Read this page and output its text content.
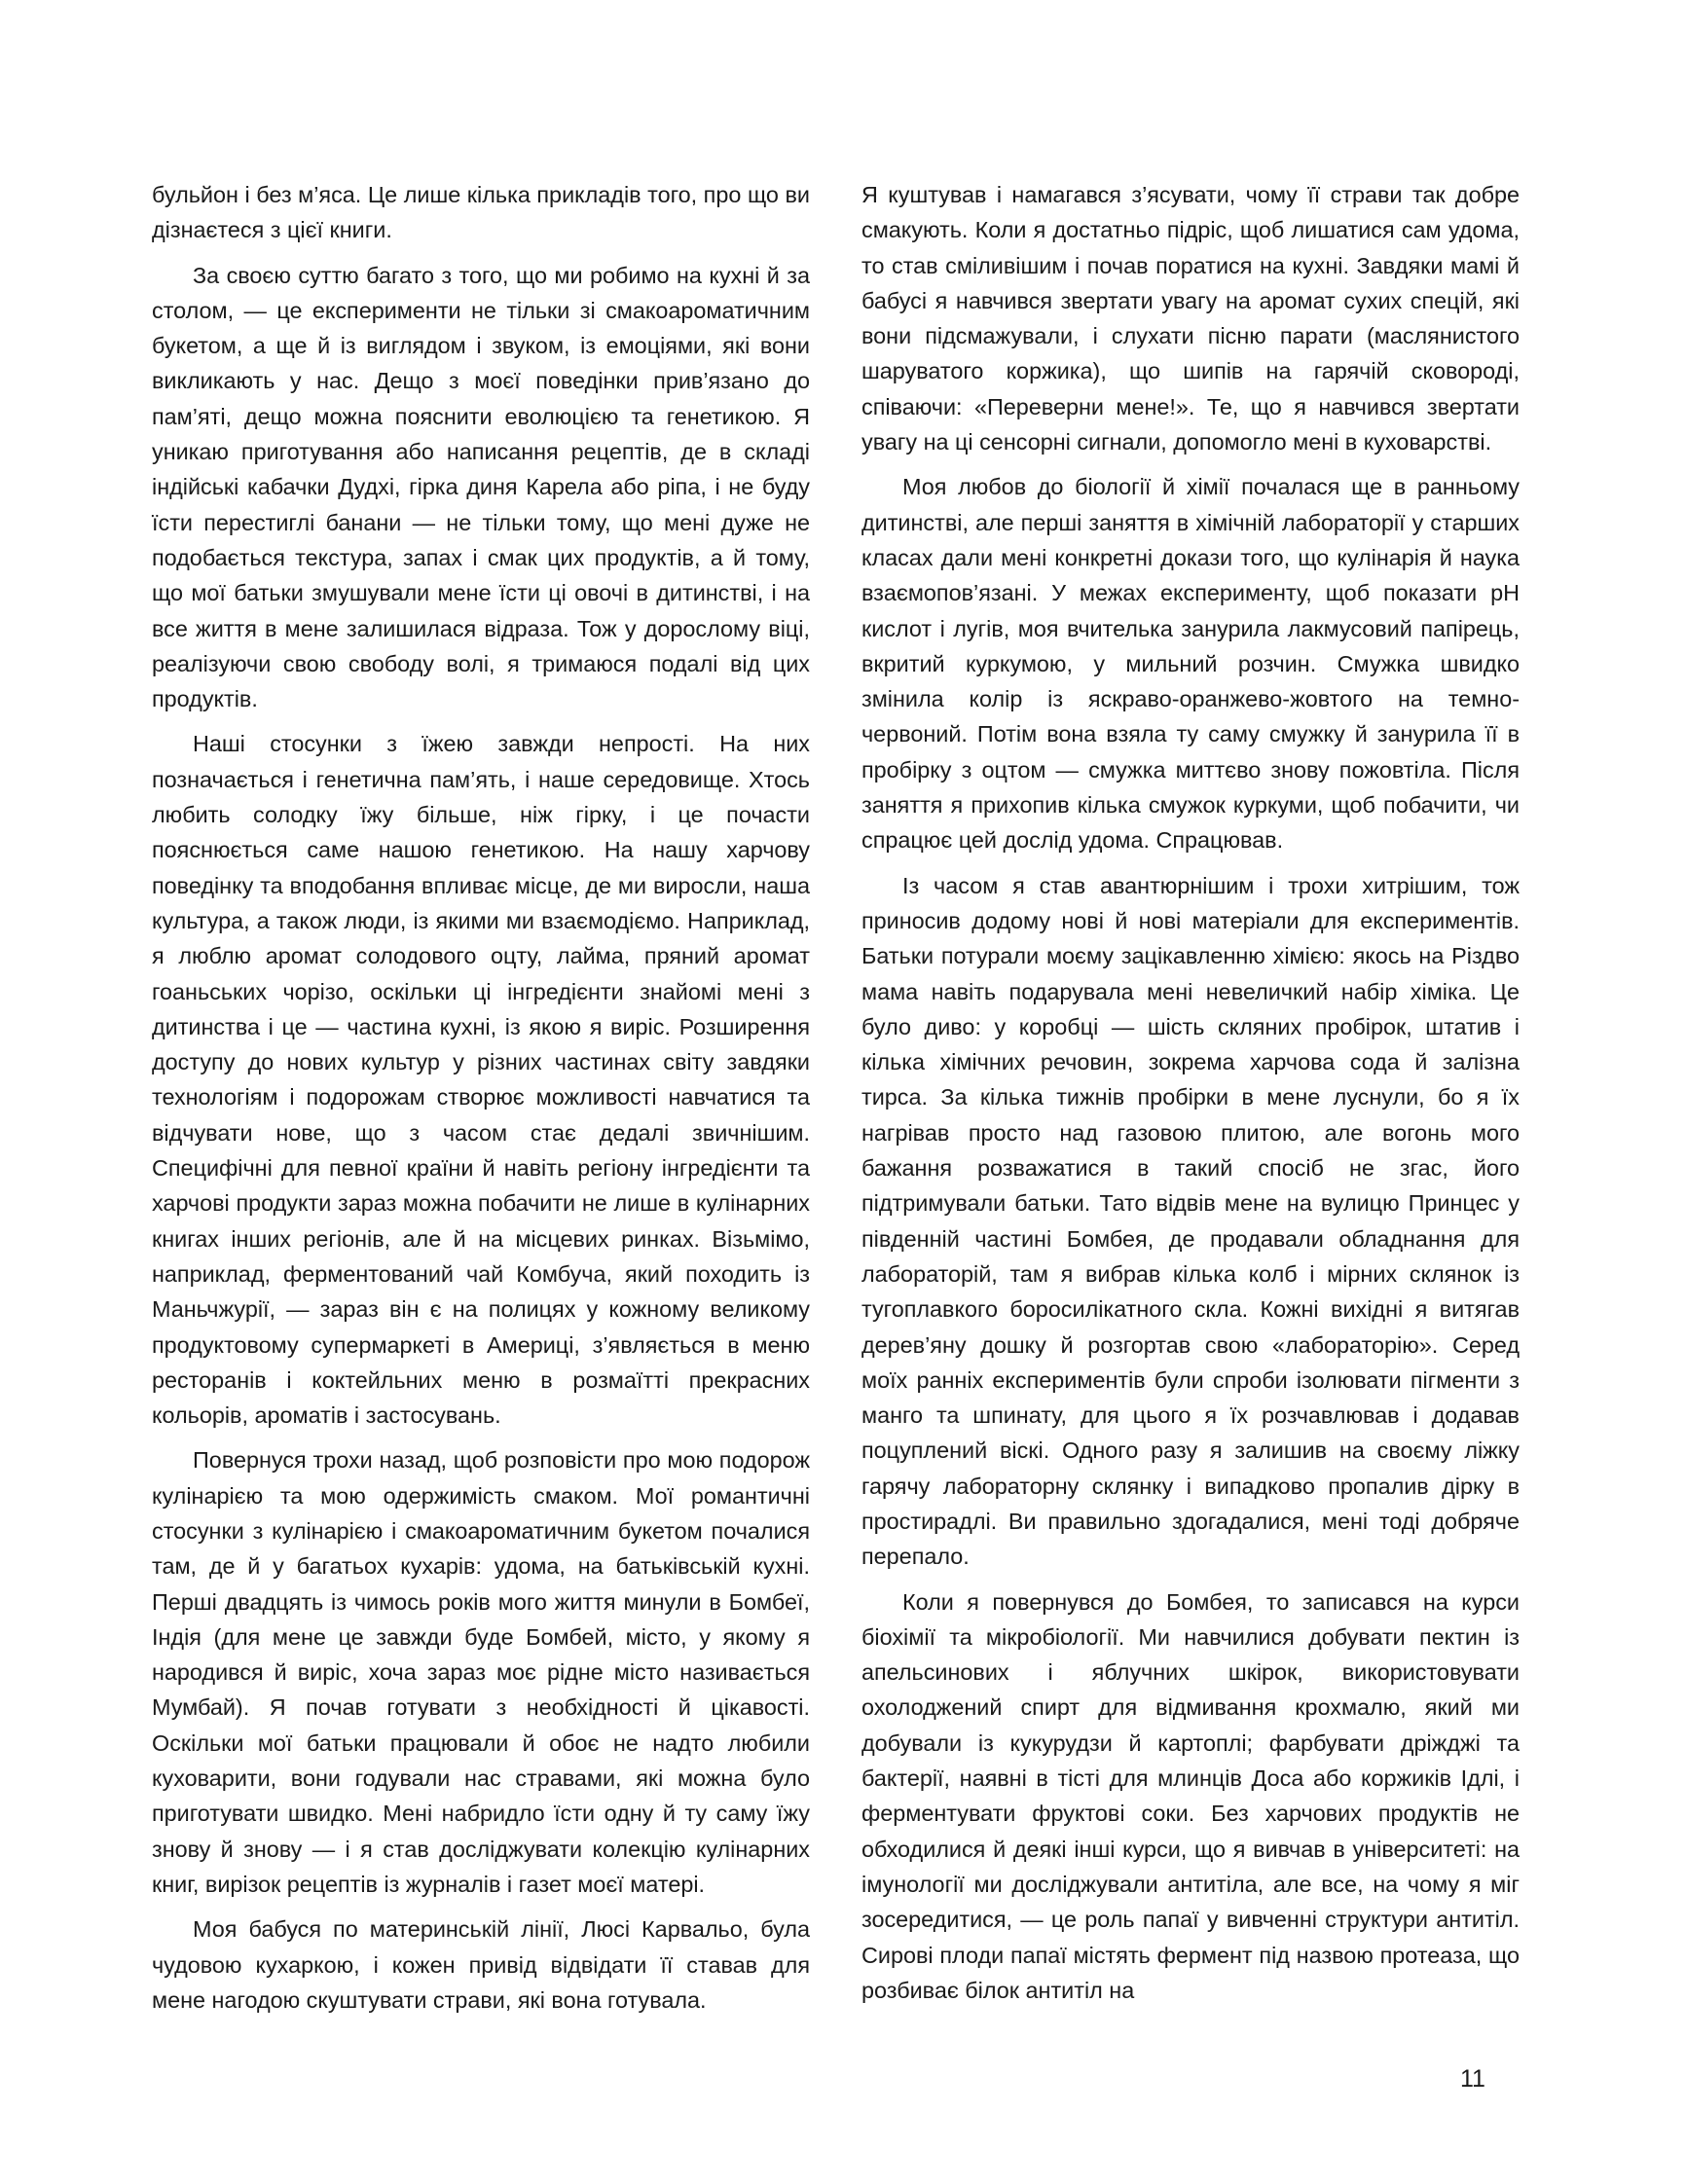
бульйон і без м’яса. Це лише кілька прикладів того, про що ви дізнаєтеся з цієї книги.

За своєю суттю багато з того, що ми робимо на кухні й за столом, — це експерименти не тільки зі смакоароматичним букетом, а ще й із виглядом і звуком, із емоціями, які вони викликають у нас. Дещо з моєї поведінки прив’язано до пам’яті, дещо можна пояснити еволюцією та генетикою. Я уникаю приготування або написання рецептів, де в складі індійські кабачки Дудхі, гірка диня Карела або ріпа, і не буду їсти перестиглі банани — не тільки тому, що мені дуже не подобається текстура, запах і смак цих продуктів, а й тому, що мої батьки змушували мене їсти ці овочі в дитинстві, і на все життя в мене залишилася відраза. Тож у дорослому віці, реалізуючи свою свободу волі, я тримаюся подалі від цих продуктів.

Наші стосунки з їжею завжди непрості. На них позначається і генетична пам’ять, і наше середовище. Хтось любить солодку їжу більше, ніж гірку, і це почасти пояснюється саме нашою генетикою. На нашу харчову поведінку та вподобання впливає місце, де ми виросли, наша культура, а також люди, із якими ми взаємодіємо. Наприклад, я люблю аромат солодового оцту, лайма, пряний аромат гоаньських чорізо, оскільки ці інгредієнти знайомі мені з дитинства і це — частина кухні, із якою я виріс. Розширення доступу до нових культур у різних частинах світу завдяки технологіям і подорожам створює можливості навчатися та відчувати нове, що з часом стає дедалі звичнішим. Специфічні для певної країни й навіть регіону інгредієнти та харчові продукти зараз можна побачити не лише в кулінарних книгах інших регіонів, але й на місцевих ринках. Візьмімо, наприклад, ферментований чай Комбуча, який походить із Маньчжурії, — зараз він є на полицях у кожному великому продуктовому супермаркеті в Америці, з’являється в меню ресторанів і коктейльних меню в розмаїтті прекрасних кольорів, ароматів і застосувань.

Повернуся трохи назад, щоб розповісти про мою подорож кулінарією та мою одержимість смаком. Мої романтичні стосунки з кулінарією і смакоароматичним букетом почалися там, де й у багатьох кухарів: удома, на батьківській кухні. Перші двадцять із чимось років мого життя минули в Бомбеї, Індія (для мене це завжди буде Бомбей, місто, у якому я народився й виріс, хоча зараз моє рідне місто називається Мумбай). Я почав готувати з необхідності й цікавості. Оскільки мої батьки працювали й обоє не надто любили куховарити, вони годували нас стравами, які можна було приготувати швидко. Мені набридло їсти одну й ту саму їжу знову й знову — і я став досліджувати колекцію кулінарних книг, вирізок рецептів із журналів і газет моєї матері.

Моя бабуся по материнській лінії, Люсі Карвальо, була чудовою кухаркою, і кожен привід відвідати її ставав для мене нагодою скуштувати страви, які вона готувала.

Я куштував і намагався з’ясувати, чому її страви так добре смакують. Коли я достатньо підріс, щоб лишатися сам удома, то став сміливішим і почав поратися на кухні. Завдяки мамі й бабусі я навчився звертати увагу на аромат сухих спецій, які вони підсмажували, і слухати пісню парати (маслянистого шаруватого коржика), що шипів на гарячій сковороді, співаючи: «Переверни мене!». Те, що я навчився звертати увагу на ці сенсорні сигнали, допомогло мені в куховарстві.

Моя любов до біології й хімії почалася ще в ранньому дитинстві, але перші заняття в хімічній лабораторії у старших класах дали мені конкретні докази того, що кулінарія й наука взаємопов’язані. У межах експерименту, щоб показати pH кислот і лугів, моя вчителька занурила лакмусовий папірець, вкритий куркумою, у мильний розчин. Смужка швидко змінила колір із яскраво-оранжево-жовтого на темно-червоний. Потім вона взяла ту саму смужку й занурила її в пробірку з оцтом — смужка миттєво знову пожовтіла. Після заняття я прихопив кілька смужок куркуми, щоб побачити, чи спрацює цей дослід удома. Спрацював.

Із часом я став авантюрнішим і трохи хитрішим, тож приносив додому нові й нові матеріали для експериментів. Батьки потурали моєму зацікавленню хімією: якось на Різдво мама навіть подарувала мені невеличкий набір хіміка. Це було диво: у коробці — шість скляних пробірок, штатив і кілька хімічних речовин, зокрема харчова сода й залізна тирса. За кілька тижнів пробірки в мене луснули, бо я їх нагрівав просто над газовою плитою, але вогонь мого бажання розважатися в такий спосіб не згас, його підтримували батьки. Тато відвів мене на вулицю Принцес у південній частині Бомбея, де продавали обладнання для лабораторій, там я вибрав кілька колб і мірних склянок із тугоплавкого боросилікатного скла. Кожні вихідні я витягав дерев’яну дошку й розгортав свою «лабораторію». Серед моїх ранніх експериментів були спроби ізолювати пігменти з манго та шпинату, для цього я їх розчавлював і додавав поцуплений віскі. Одного разу я залишив на своєму ліжку гарячу лабораторну склянку і випадково пропалив дірку в простирадлі. Ви правильно здогадалися, мені тоді добряче перепало.

Коли я повернувся до Бомбея, то записався на курси біохімії та мікробіології. Ми навчилися добувати пектин із апельсинових і яблучних шкірок, використовувати охолоджений спирт для відмивання крохмалю, який ми добували із кукурудзи й картоплі; фарбувати дріжджі та бактерії, наявні в тісті для млинців Доса або коржиків Ідлі, і ферментувати фруктові соки. Без харчових продуктів не обходилися й деякі інші курси, що я вивчав в університеті: на імунології ми досліджували антитіла, але все, на чому я міг зосередитися, — це роль папаї у вивченні структури антитіл. Сирові плоди папаї містять фермент під назвою протеаза, що розбиває білок антитіл на

11
